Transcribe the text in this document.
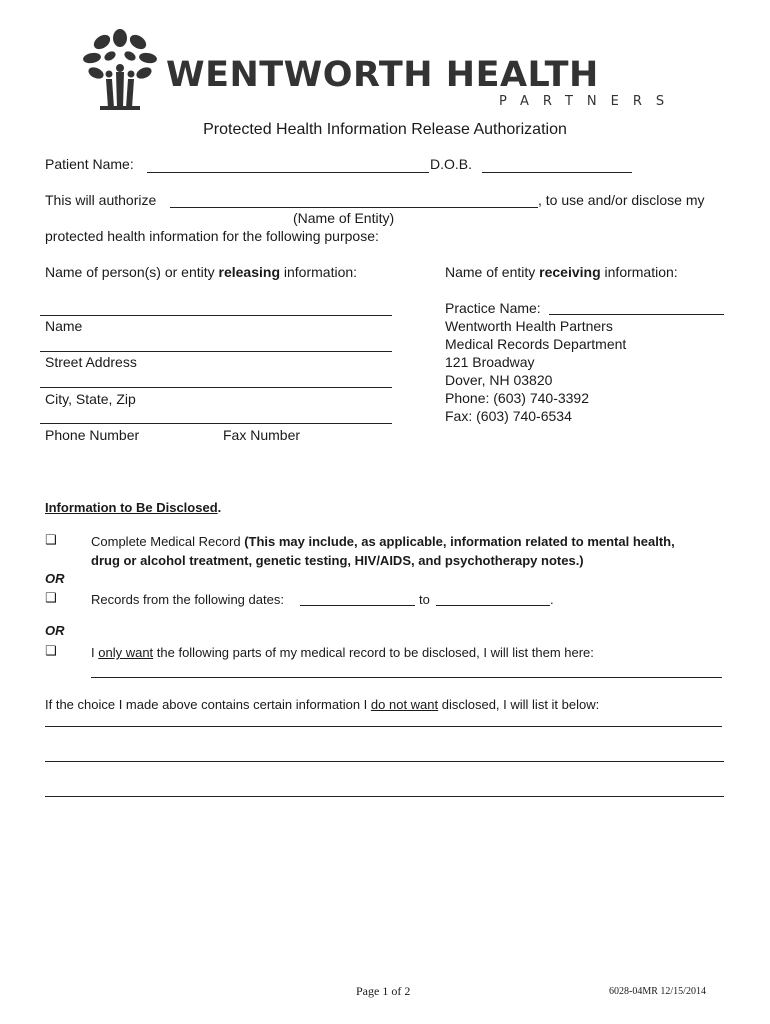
WENTWORTH HEALTH
PARTNERS
Protected Health Information Release Authorization
Patient Name:	D.O.B.
This will authorize	, to use and/or disclose my
(Name of Entity)
protected health information for the following purpose:
Name of person(s) or entity releasing information:
Name
Street Address
City, State, Zip
Phone Number	Fax Number
Name of entity receiving information:
Practice Name:
Wentworth Health Partners
Medical Records Department
121 Broadway
Dover, NH 03820
Phone: (603) 740-3392
Fax: (603) 740-6534
Information to Be Disclosed.
❑	Complete Medical Record (This may include, as applicable, information related to mental health,
drug or alcohol treatment, genetic testing, HIV/AIDS, and psychotherapy notes.)
OR
❑	Records from the following dates:	to	.
OR
❑	I only want the following parts of my medical record to be disclosed, I will list them here:
If the choice I made above contains certain information I do not want disclosed, I will list it below:
Page 1 of 2	6028-04MR 12/15/2014
